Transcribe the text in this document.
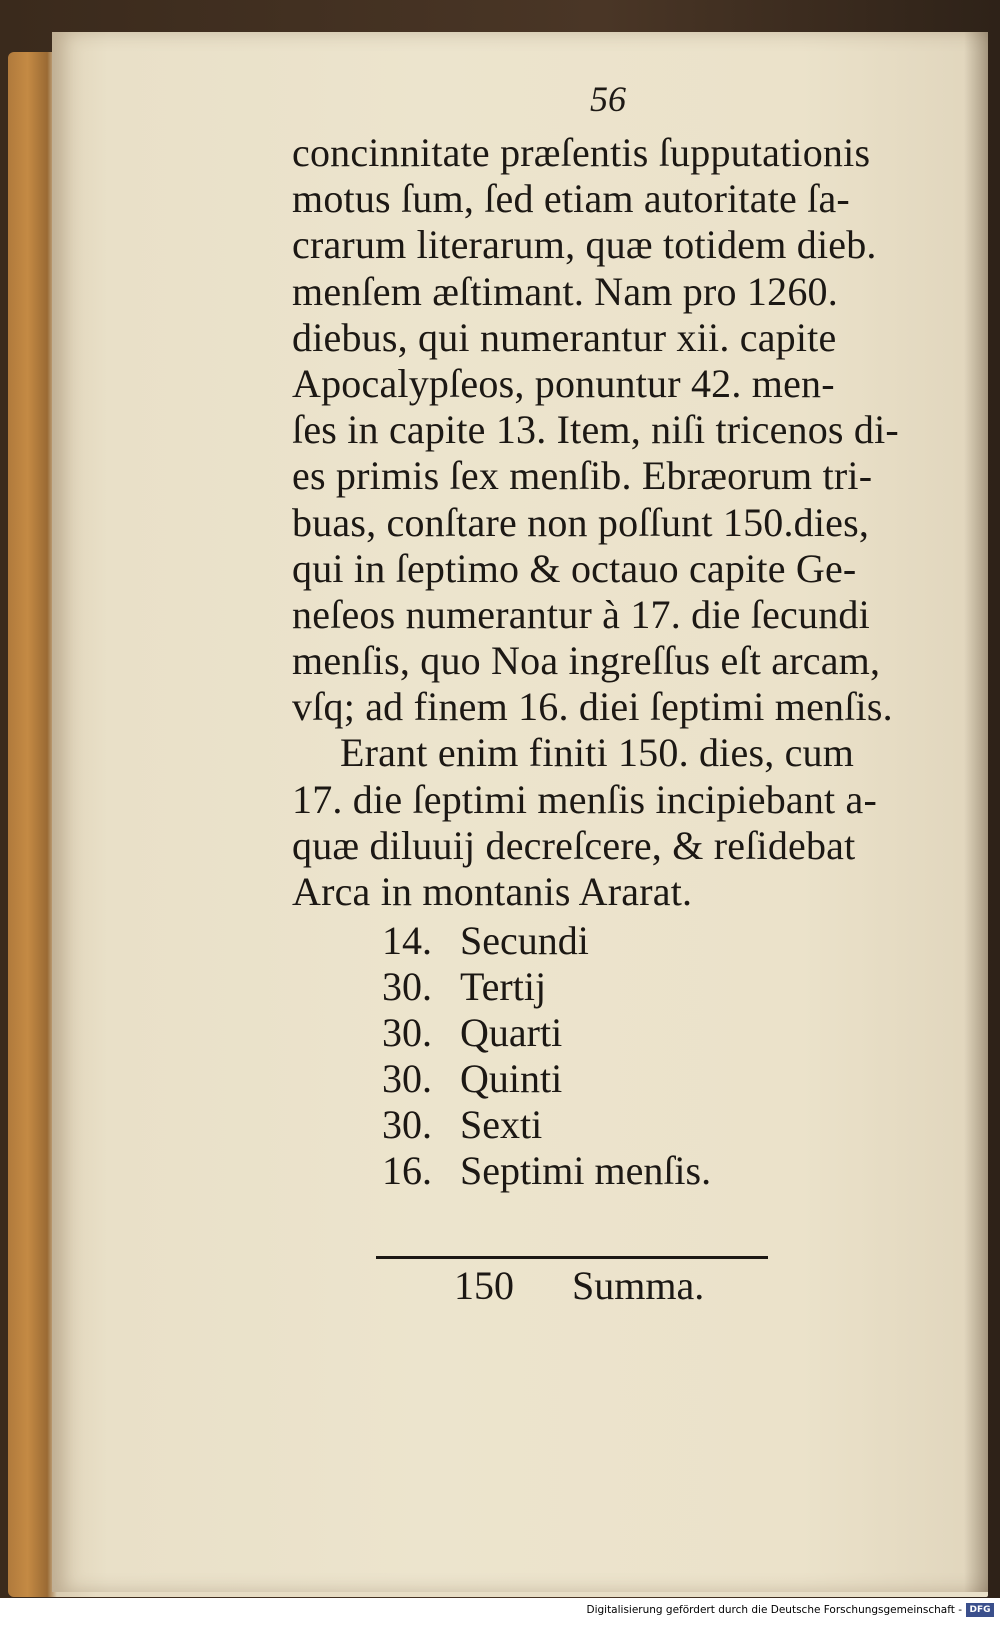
56
concinnitate præſentis ſupputationis
motus ſum, ſed etiam autoritate ſa-
crarum literarum, quæ totidem dieb.
menſem æſtimant. Nam pro 1260.
diebus, qui numerantur xii. capite
Apocalypſeos, ponuntur 42. men-
ſes in capite 13. Item, niſi tricenos di-
es primis ſex menſib. Ebræorum tri-
buas, conſtare non poſſunt 150.dies,
qui in ſeptimo & octauo capite Ge-
neſeos numerantur à 17. die ſecundi
menſis, quo Noa ingreſſus eſt arcam,
vſq; ad finem 16. diei ſeptimi menſis.
Erant enim finiti 150. dies, cum
17. die ſeptimi menſis incipiebant a-
quæ diluuij decreſcere, & reſidebat
Arca in montanis Ararat.
14. Secundi
30. Tertij
30. Quarti
30. Quinti
30. Sexti
16. Septimi menſis.
150 Summa.
Digitalisierung gefördert durch die Deutsche Forschungsgemeinschaft - DFG
